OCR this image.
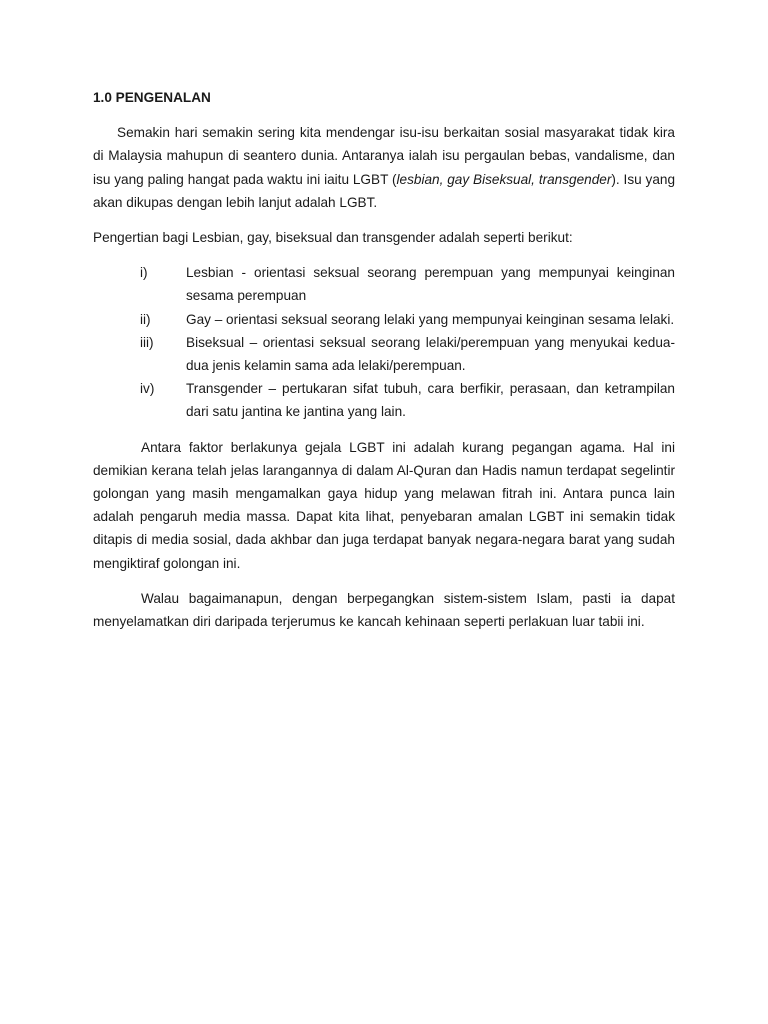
1.0 PENGENALAN

Semakin hari semakin sering kita mendengar isu-isu berkaitan sosial masyarakat tidak kira di Malaysia mahupun di seantero dunia. Antaranya ialah isu pergaulan bebas, vandalisme, dan isu yang paling hangat pada waktu ini iaitu LGBT (lesbian, gay Biseksual, transgender). Isu yang akan dikupas dengan lebih lanjut adalah LGBT.

Pengertian bagi Lesbian, gay, biseksual dan transgender adalah seperti berikut:

i)	Lesbian - orientasi seksual seorang perempuan yang mempunyai keinginan sesama perempuan
ii)	Gay – orientasi seksual seorang lelaki yang mempunyai keinginan sesama lelaki.
iii)	Biseksual – orientasi seksual seorang lelaki/perempuan yang menyukai kedua-dua jenis kelamin sama ada lelaki/perempuan.
iv)	Transgender – pertukaran sifat tubuh, cara berfikir, perasaan, dan ketrampilan dari satu jantina ke jantina yang lain.

Antara faktor berlakunya gejala LGBT ini adalah kurang pegangan agama. Hal ini demikian kerana telah jelas larangannya di dalam Al-Quran dan Hadis namun terdapat segelintir golongan yang masih mengamalkan gaya hidup yang melawan fitrah ini. Antara punca lain adalah pengaruh media massa. Dapat kita lihat, penyebaran amalan LGBT ini semakin tidak ditapis di media sosial, dada akhbar dan juga terdapat banyak negara-negara barat yang sudah mengiktiraf golongan ini.

Walau bagaimanapun, dengan berpegangkan sistem-sistem Islam, pasti ia dapat menyelamatkan diri daripada terjerumus ke kancah kehinaan seperti perlakuan luar tabii ini.
